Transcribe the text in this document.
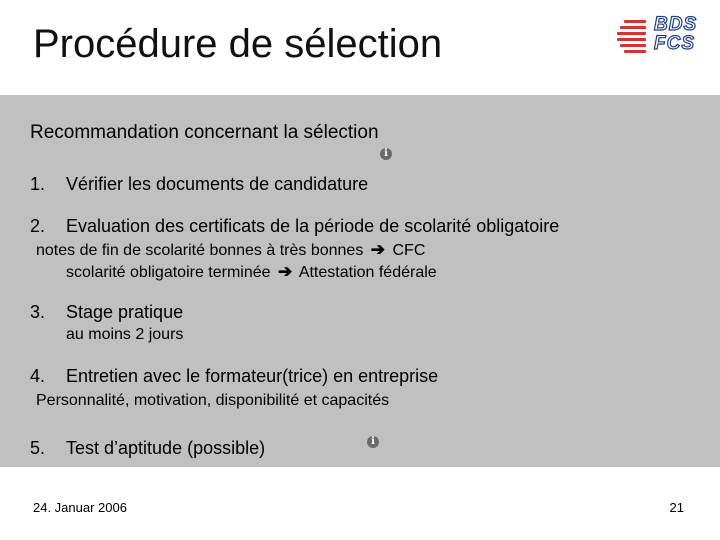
Procédure de sélection	BDS
FCS
Recommandation concernant la sélection
i
1. Vérifier les documents de candidature
2. Evaluation des certificats de la période de scolarité obligatoire
notes de fin de scolarité bonnes à très bonnes ➔ CFC
scolarité obligatoire terminée ➔ Attestation fédérale
3. Stage pratique
au moins 2 jours
4. Entretien avec le formateur(trice) en entreprise
Personnalité, motivation, disponibilité et capacités
5. Test d’aptitude (possible)	i
24. Januar 2006	21
